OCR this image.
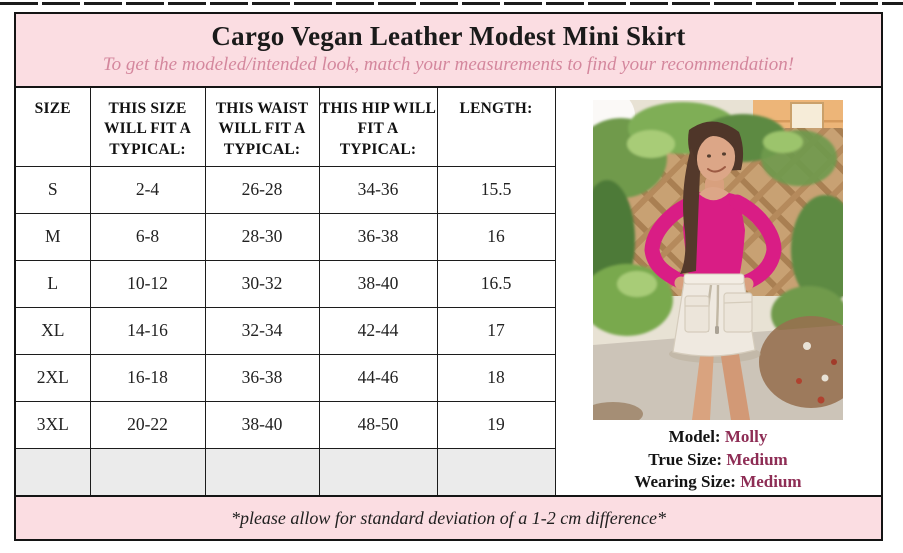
Cargo Vegan Leather Modest Mini Skirt
To get the modeled/intended look, match your measurements to find your recommendation!
SIZE	THIS SIZE WILL FIT A TYPICAL:	THIS WAIST WILL FIT A TYPICAL:	THIS HIP WILL FIT A TYPICAL:	LENGTH:
S	2-4	26-28	34-36	15.5
M	6-8	28-30	36-38	16
L	10-12	30-32	38-40	16.5
XL	14-16	32-34	42-44	17
2XL	16-18	36-38	44-46	18
3XL	20-22	38-40	48-50	19

Model: Molly
True Size: Medium
Wearing Size: Medium
*please allow for standard deviation of a 1-2 cm difference*
